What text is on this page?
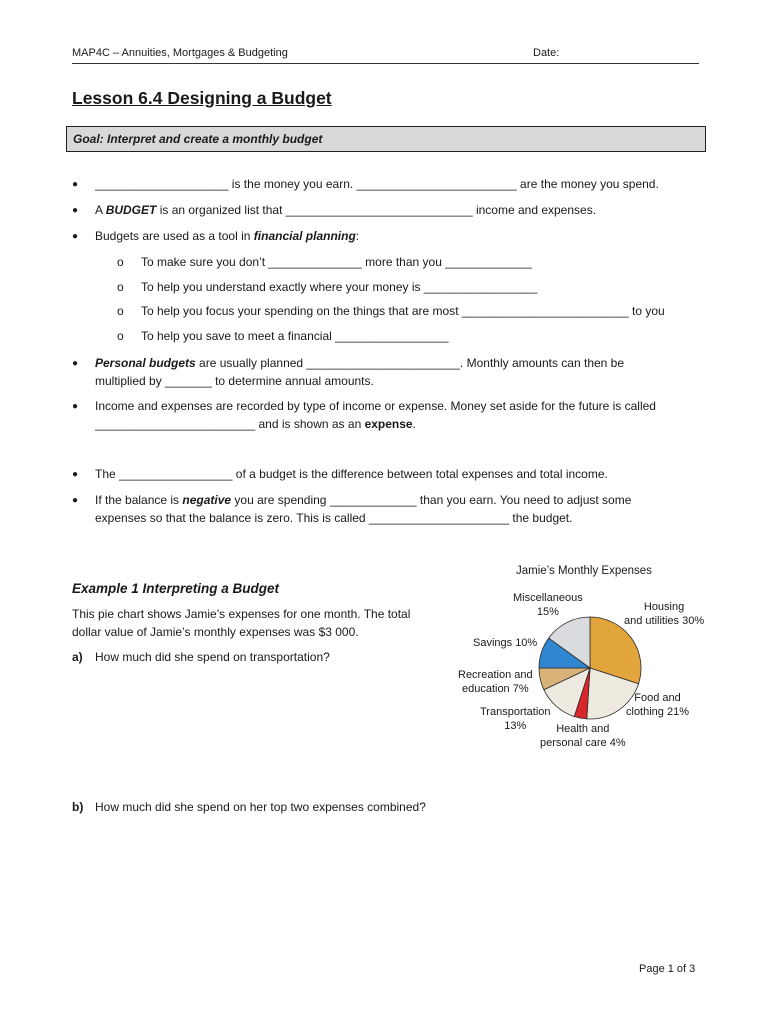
MAP4C – Annuities, Mortgages & Budgeting	Date:
Lesson 6.4 Designing a Budget
Goal: Interpret and create a monthly budget
● ____________________ is the money you earn. ________________________ are the money you spend.
● A BUDGET is an organized list that ____________________________ income and expenses.
● Budgets are used as a tool in financial planning:
o To make sure you don’t ______________ more than you _____________
o To help you understand exactly where your money is _________________
o To help you focus your spending on the things that are most _________________________ to you
o To help you save to meet a financial _________________
● Personal budgets are usually planned _______________________. Monthly amounts can then be
multiplied by _______ to determine annual amounts.
● Income and expenses are recorded by type of income or expense. Money set aside for the future is called
________________________ and is shown as an expense.
● The _________________ of a budget is the difference between total expenses and total income.
● If the balance is negative you are spending _____________ than you earn. You need to adjust some
expenses so that the balance is zero. This is called _____________________ the budget.
Example 1 Interpreting a Budget
This pie chart shows Jamie’s expenses for one month. The total
dollar value of Jamie’s monthly expenses was $3 000.
a) How much did she spend on transportation?
b) How much did she spend on her top two expenses combined?
Jamie’s Monthly Expenses
Miscellaneous
15%	Housing
and utilities 30%
Savings 10%
Recreation and
education 7%
Food and
clothing 21%
Transportation
13%	Health and
personal care 4%
Page 1 of 3
